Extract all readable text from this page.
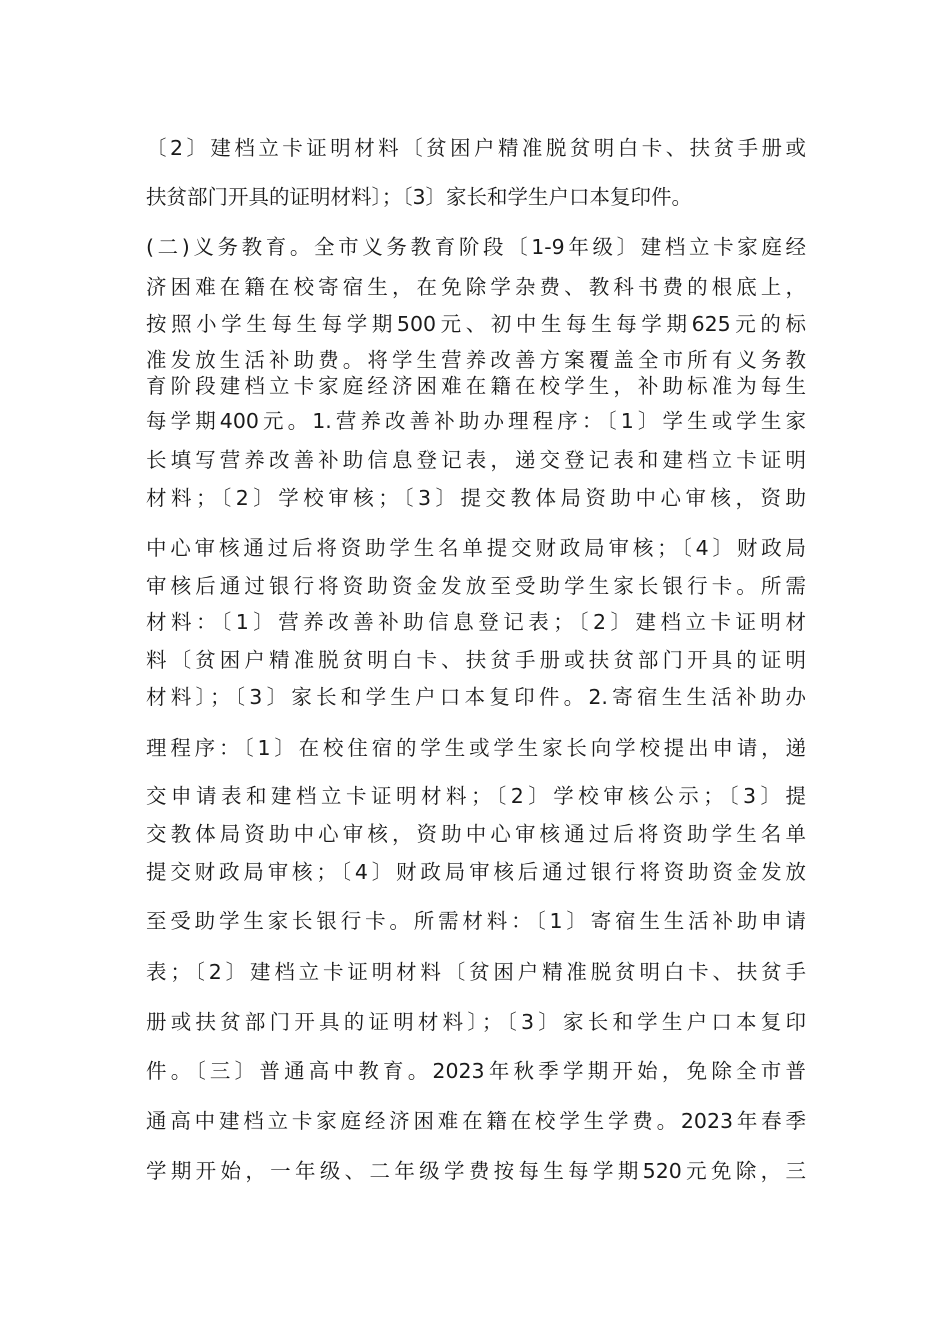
〔2〕建档立卡证明材料〔贫困户精准脱贫明白卡、扶贫手册或
扶贫部门开具的证明材料〕；〔3〕家长和学生户口本复印件。
(二)义务教育。全市义务教育阶段〔1-9年级〕建档立卡家庭经
济困难在籍在校寄宿生，在免除学杂费、教科书费的根底上，
按照小学生每生每学期500元、初中生每生每学期625元的标
准发放生活补助费。将学生营养改善方案覆盖全市所有义务教
育阶段建档立卡家庭经济困难在籍在校学生，补助标准为每生
每学期400元。1.营养改善补助办理程序：〔1〕学生或学生家
长填写营养改善补助信息登记表，递交登记表和建档立卡证明
材料；〔2〕学校审核；〔3〕提交教体局资助中心审核，资助
中心审核通过后将资助学生名单提交财政局审核；〔4〕财政局
审核后通过银行将资助资金发放至受助学生家长银行卡。所需
材料：〔1〕营养改善补助信息登记表；〔2〕建档立卡证明材
料〔贫困户精准脱贫明白卡、扶贫手册或扶贫部门开具的证明
材料〕；〔3〕家长和学生户口本复印件。2.寄宿生生活补助办
理程序：〔1〕在校住宿的学生或学生家长向学校提出申请，递
交申请表和建档立卡证明材料；〔2〕学校审核公示；〔3〕提
交教体局资助中心审核，资助中心审核通过后将资助学生名单
提交财政局审核；〔4〕财政局审核后通过银行将资助资金发放
至受助学生家长银行卡。所需材料：〔1〕寄宿生生活补助申请
表；〔2〕建档立卡证明材料〔贫困户精准脱贫明白卡、扶贫手
册或扶贫部门开具的证明材料〕；〔3〕家长和学生户口本复印
件。〔三〕普通高中教育。2023年秋季学期开始，免除全市普
通高中建档立卡家庭经济困难在籍在校学生学费。2023年春季
学期开始，一年级、二年级学费按每生每学期520元免除，三
